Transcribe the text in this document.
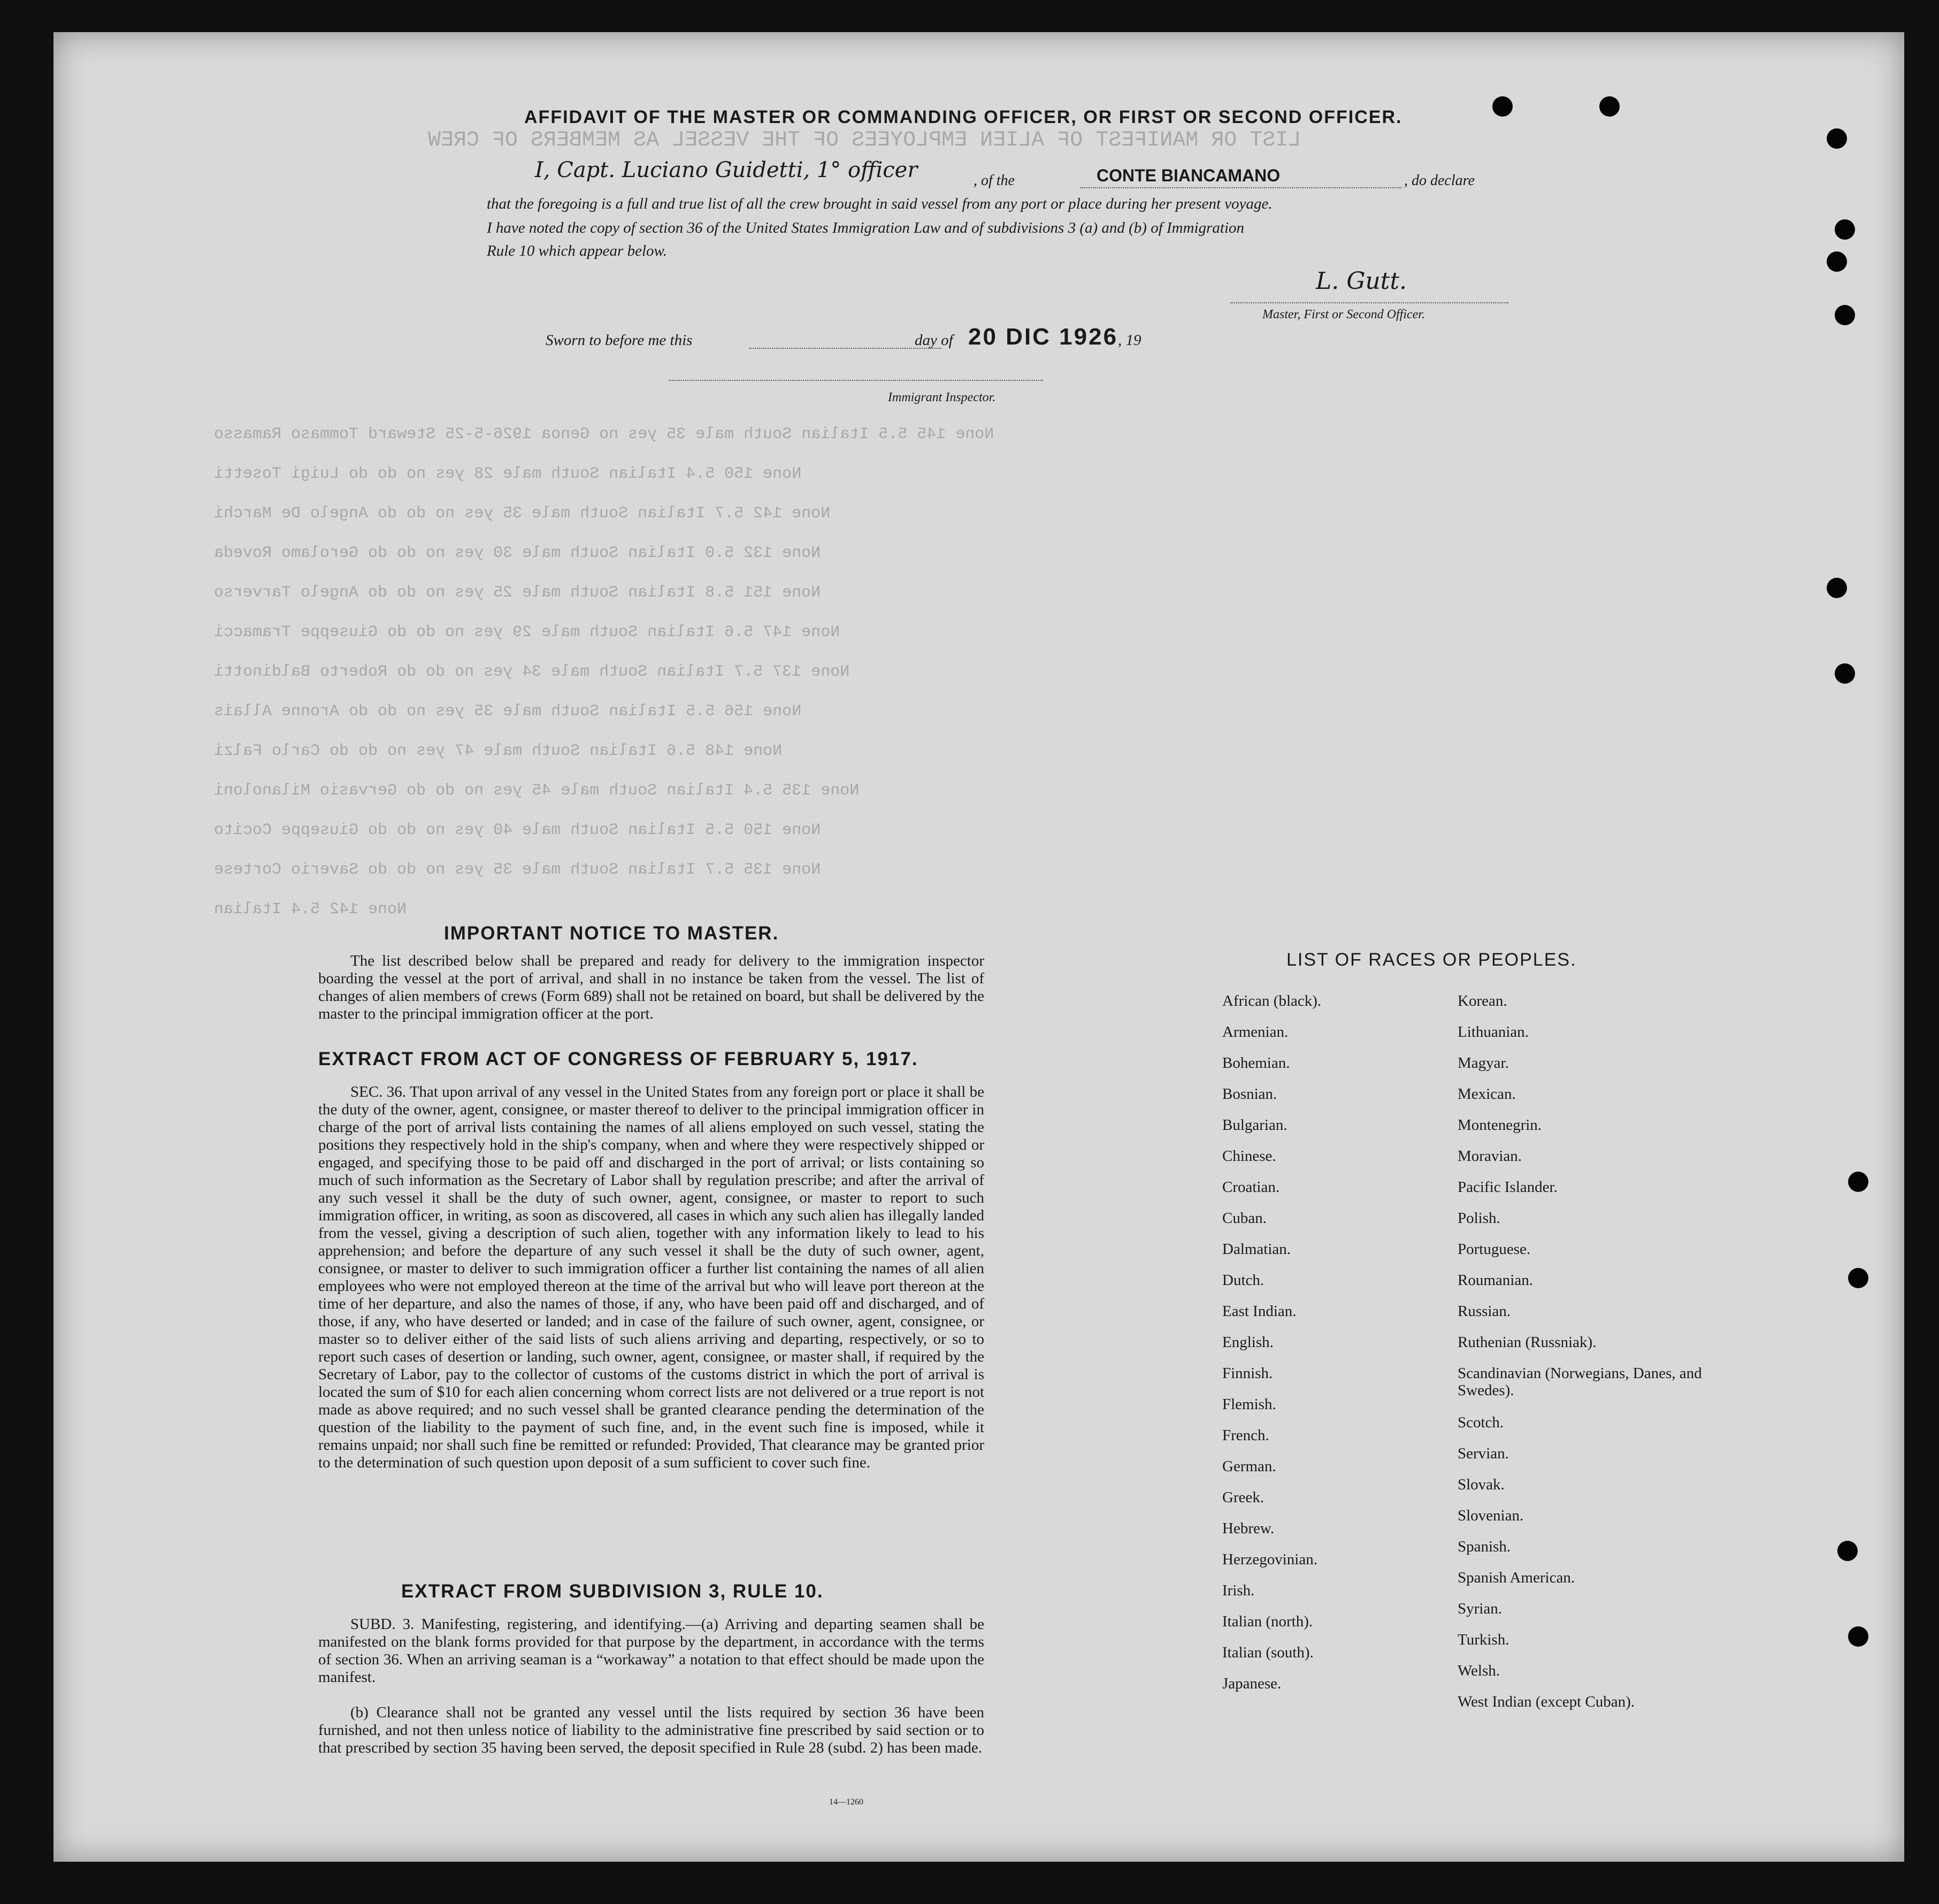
LIST OR MANIFEST OF ALIEN EMPLOYEES OF THE VESSEL AS MEMBERS OF CREW
None 145 5.5 Italian South male 35 yes no Genoa 1926-5-25 Steward Tommaso Ramasso
None 150 5.4 Italian South male 28 yes no do do Luigi Tosetti
None 142 5.7 Italian South male 35 yes no do do Angelo De Marchi
None 132 5.0 Italian South male 30 yes no do do Gerolamo Roveda
None 151 5.8 Italian South male 25 yes no do do Angelo Tarverso
None 147 5.6 Italian South male 29 yes no do do Giuseppe Tramacci
None 137 5.7 Italian South male 34 yes no do do Roberto Baldinotti
None 156 5.5 Italian South male 35 yes no do do Aronne Allais
None 148 5.6 Italian South male 47 yes no do do Carlo Falzi
None 135 5.4 Italian South male 45 yes no do do Gervasio Milanoloni
None 150 5.5 Italian South male 40 yes no do do Giuseppe Cocito
None 135 5.7 Italian South male 35 yes no do do Saverio Cortese
None 142 5.4 Italian
AFFIDAVIT OF THE MASTER OR COMMANDING OFFICER, OR FIRST OR SECOND OFFICER.
I, Capt. Luciano Guidetti, 1° officer	, of the	CONTE BIANCAMANO	, do declare
that the foregoing is a full and true list of all the crew brought in said vessel from any port or place during her present voyage.
I have noted the copy of section 36 of the United States Immigration Law and of subdivisions 3 (a) and (b) of Immigration
Rule 10 which appear below.
L. Gutt.
Master, First or Second Officer.
Sworn to before me this	day of 20 DIC 1926 , 19
Immigrant Inspector.
IMPORTANT NOTICE TO MASTER.
The list described below shall be prepared and ready for delivery to the immigration inspector boarding the vessel at the port of arrival, and shall in no instance be taken from the vessel. The list of changes of alien members of crews (Form 689) shall not be retained on board, but shall be delivered by the master to the principal immigration officer at the port.
EXTRACT FROM ACT OF CONGRESS OF FEBRUARY 5, 1917.
SEC. 36. That upon arrival of any vessel in the United States from any foreign port or place it shall be the duty of the owner, agent, consignee, or master thereof to deliver to the principal immigration officer in charge of the port of arrival lists containing the names of all aliens employed on such vessel, stating the positions they respectively hold in the ship's company, when and where they were respectively shipped or engaged, and specifying those to be paid off and discharged in the port of arrival; or lists containing so much of such information as the Secretary of Labor shall by regulation prescribe; and after the arrival of any such vessel it shall be the duty of such owner, agent, consignee, or master to report to such immigration officer, in writing, as soon as discovered, all cases in which any such alien has illegally landed from the vessel, giving a description of such alien, together with any information likely to lead to his apprehension; and before the departure of any such vessel it shall be the duty of such owner, agent, consignee, or master to deliver to such immigration officer a further list containing the names of all alien employees who were not employed thereon at the time of the arrival but who will leave port thereon at the time of her departure, and also the names of those, if any, who have been paid off and discharged, and of those, if any, who have deserted or landed; and in case of the failure of such owner, agent, consignee, or master so to deliver either of the said lists of such aliens arriving and departing, respectively, or so to report such cases of desertion or landing, such owner, agent, consignee, or master shall, if required by the Secretary of Labor, pay to the collector of customs of the customs district in which the port of arrival is located the sum of $10 for each alien concerning whom correct lists are not delivered or a true report is not made as above required; and no such vessel shall be granted clearance pending the determination of the question of the liability to the payment of such fine, and, in the event such fine is imposed, while it remains unpaid; nor shall such fine be remitted or refunded: Provided, That clearance may be granted prior to the determination of such question upon deposit of a sum sufficient to cover such fine.
EXTRACT FROM SUBDIVISION 3, RULE 10.
SUBD. 3. Manifesting, registering, and identifying.—(a) Arriving and departing seamen shall be manifested on the blank forms provided for that purpose by the department, in accordance with the terms of section 36. When an arriving seaman is a “workaway” a notation to that effect should be made upon the manifest.
(b) Clearance shall not be granted any vessel until the lists required by section 36 have been furnished, and not then unless notice of liability to the administrative fine prescribed by said section or to that prescribed by section 35 having been served, the deposit specified in Rule 28 (subd. 2) has been made.
14—1260
LIST OF RACES OR PEOPLES.
African (black).
Armenian.
Bohemian.
Bosnian.
Bulgarian.
Chinese.
Croatian.
Cuban.
Dalmatian.
Dutch.
East Indian.
English.
Finnish.
Flemish.
French.
German.
Greek.
Hebrew.
Herzegovinian.
Irish.
Italian (north).
Italian (south).
Japanese.
Korean.
Lithuanian.
Magyar.
Mexican.
Montenegrin.
Moravian.
Pacific Islander.
Polish.
Portuguese.
Roumanian.
Russian.
Ruthenian (Russniak).
Scandinavian (Norwegians, Danes, and Swedes).
Scotch.
Servian.
Slovak.
Slovenian.
Spanish.
Spanish American.
Syrian.
Turkish.
Welsh.
West Indian (except Cuban).
